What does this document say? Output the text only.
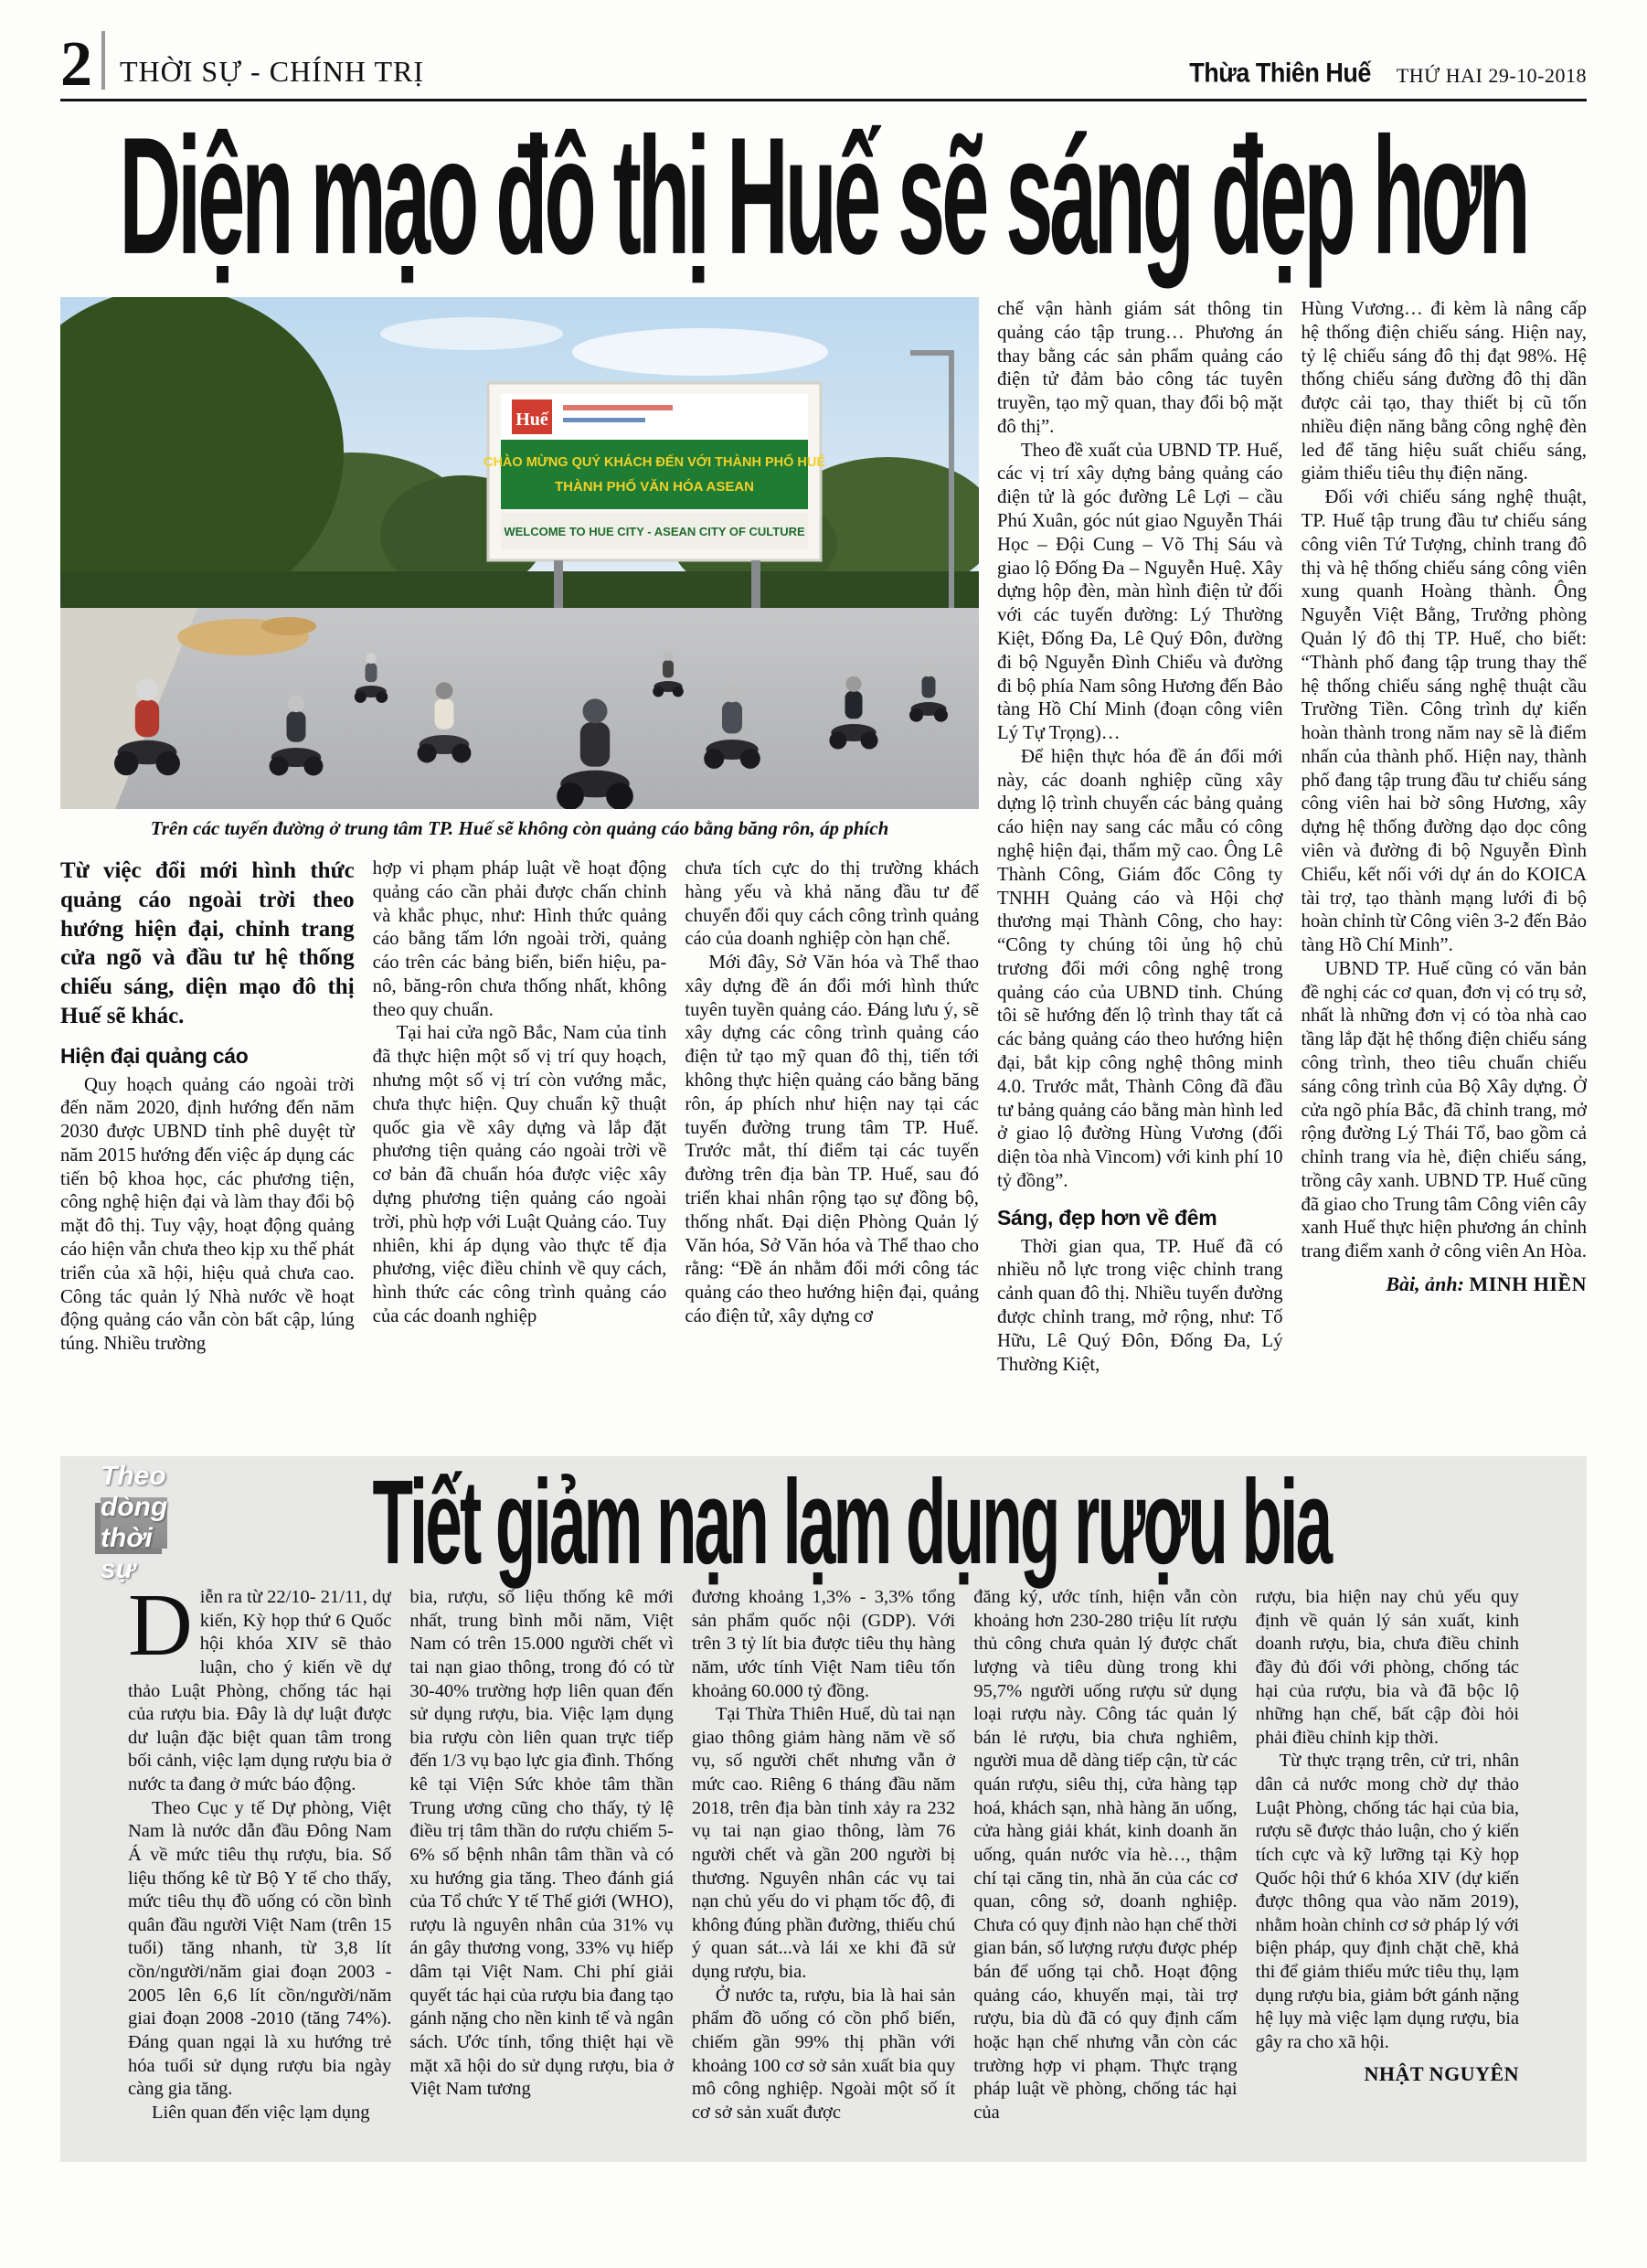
2 THỜI SỰ - CHÍNH TRỊ	Thừa Thiên Huế THỨ HAI 29-10-2018
Diện mạo đô thị Huế sẽ sáng đẹp hơn
Huế
CHÀO MỪNG QUÝ KHÁCH ĐẾN VỚI THÀNH PHỐ HUẾ
THÀNH PHỐ VĂN HÓA ASEAN
WELCOME TO HUE CITY - ASEAN CITY OF CULTURE
Trên các tuyến đường ở trung tâm TP. Huế sẽ không còn quảng cáo bằng băng rôn, áp phích

Từ việc đổi mới hình thức quảng cáo ngoài trời theo hướng hiện đại, chỉnh trang cửa ngõ và đầu tư hệ thống chiếu sáng, diện mạo đô thị Huế sẽ khác.

Hiện đại quảng cáo

Quy hoạch quảng cáo ngoài trời đến năm 2020, định hướng đến năm 2030 được UBND tỉnh phê duyệt từ năm 2015 hướng đến việc áp dụng các tiến bộ khoa học, các phương tiện, công nghệ hiện đại và làm thay đổi bộ mặt đô thị. Tuy vậy, hoạt động quảng cáo hiện vẫn chưa theo kịp xu thế phát triển của xã hội, hiệu quả chưa cao. Công tác quản lý Nhà nước về hoạt động quảng cáo vẫn còn bất cập, lúng túng. Nhiều trường

hợp vi phạm pháp luật về hoạt động quảng cáo cần phải được chấn chỉnh và khắc phục, như: Hình thức quảng cáo bằng tấm lớn ngoài trời, quảng cáo trên các bảng biển, biển hiệu, pa-nô, băng-rôn chưa thống nhất, không theo quy chuẩn.

Tại hai cửa ngõ Bắc, Nam của tỉnh đã thực hiện một số vị trí quy hoạch, nhưng một số vị trí còn vướng mắc, chưa thực hiện. Quy chuẩn kỹ thuật quốc gia về xây dựng và lắp đặt phương tiện quảng cáo ngoài trời về cơ bản đã chuẩn hóa được việc xây dựng phương tiện quảng cáo ngoài trời, phù hợp với Luật Quảng cáo. Tuy nhiên, khi áp dụng vào thực tế địa phương, việc điều chỉnh về quy cách, hình thức các công trình quảng cáo của các doanh nghiệp

chưa tích cực do thị trường khách hàng yếu và khả năng đầu tư để chuyển đổi quy cách công trình quảng cáo của doanh nghiệp còn hạn chế.

Mới đây, Sở Văn hóa và Thể thao xây dựng đề án đổi mới hình thức tuyên tuyền quảng cáo. Đáng lưu ý, sẽ xây dựng các công trình quảng cáo điện tử tạo mỹ quan đô thị, tiến tới không thực hiện quảng cáo bằng băng rôn, áp phích như hiện nay tại các tuyến đường trung tâm TP. Huế. Trước mắt, thí điểm tại các tuyến đường trên địa bàn TP. Huế, sau đó triển khai nhân rộng tạo sự đồng bộ, thống nhất. Đại diện Phòng Quản lý Văn hóa, Sở Văn hóa và Thể thao cho rằng: “Đề án nhằm đổi mới công tác quảng cáo theo hướng hiện đại, quảng cáo điện tử, xây dựng cơ

chế vận hành giám sát thông tin quảng cáo tập trung… Phương án thay bằng các sản phẩm quảng cáo điện tử đảm bảo công tác tuyên truyền, tạo mỹ quan, thay đổi bộ mặt đô thị”.

Theo đề xuất của UBND TP. Huế, các vị trí xây dựng bảng quảng cáo điện tử là góc đường Lê Lợi – cầu Phú Xuân, góc nút giao Nguyễn Thái Học – Đội Cung – Võ Thị Sáu và giao lộ Đống Đa – Nguyễn Huệ. Xây dựng hộp đèn, màn hình điện tử đối với các tuyến đường: Lý Thường Kiệt, Đống Đa, Lê Quý Đôn, đường đi bộ Nguyễn Đình Chiểu và đường đi bộ phía Nam sông Hương đến Bảo tàng Hồ Chí Minh (đoạn công viên Lý Tự Trọng)…

Để hiện thực hóa đề án đổi mới này, các doanh nghiệp cũng xây dựng lộ trình chuyển các bảng quảng cáo hiện nay sang các mẫu có công nghệ hiện đại, thẩm mỹ cao. Ông Lê Thành Công, Giám đốc Công ty TNHH Quảng cáo và Hội chợ thương mại Thành Công, cho hay: “Công ty chúng tôi ủng hộ chủ trương đổi mới công nghệ trong quảng cáo của UBND tỉnh. Chúng tôi sẽ hướng đến lộ trình thay tất cả các bảng quảng cáo theo hướng hiện đại, bắt kịp công nghệ thông minh 4.0. Trước mắt, Thành Công đã đầu tư bảng quảng cáo bằng màn hình led ở giao lộ đường Hùng Vương (đối diện tòa nhà Vincom) với kinh phí 10 tỷ đồng”.

Sáng, đẹp hơn về đêm

Thời gian qua, TP. Huế đã có nhiều nỗ lực trong việc chỉnh trang cảnh quan đô thị. Nhiều tuyến đường được chỉnh trang, mở rộng, như: Tố Hữu, Lê Quý Đôn, Đống Đa, Lý Thường Kiệt,

Hùng Vương… đi kèm là nâng cấp hệ thống điện chiếu sáng. Hiện nay, tỷ lệ chiếu sáng đô thị đạt 98%. Hệ thống chiếu sáng đường đô thị dần được cải tạo, thay thiết bị cũ tốn nhiều điện năng bằng công nghệ đèn led để tăng hiệu suất chiếu sáng, giảm thiểu tiêu thụ điện năng.

Đối với chiếu sáng nghệ thuật, TP. Huế tập trung đầu tư chiếu sáng công viên Tứ Tượng, chỉnh trang đô thị và hệ thống chiếu sáng công viên xung quanh Hoàng thành. Ông Nguyễn Việt Bằng, Trưởng phòng Quản lý đô thị TP. Huế, cho biết: “Thành phố đang tập trung thay thế hệ thống chiếu sáng nghệ thuật cầu Trường Tiền. Công trình dự kiến hoàn thành trong năm nay sẽ là điểm nhấn của thành phố. Hiện nay, thành phố đang tập trung đầu tư chiếu sáng công viên hai bờ sông Hương, xây dựng hệ thống đường dạo dọc công viên và đường đi bộ Nguyễn Đình Chiểu, kết nối với dự án do KOICA tài trợ, tạo thành mạng lưới đi bộ hoàn chỉnh từ Công viên 3-2 đến Bảo tàng Hồ Chí Minh”.

UBND TP. Huế cũng có văn bản đề nghị các cơ quan, đơn vị có trụ sở, nhất là những đơn vị có tòa nhà cao tầng lắp đặt hệ thống điện chiếu sáng công trình, theo tiêu chuẩn chiếu sáng công trình của Bộ Xây dựng. Ở cửa ngõ phía Bắc, đã chỉnh trang, mở rộng đường Lý Thái Tổ, bao gồm cả chỉnh trang vỉa hè, điện chiếu sáng, trồng cây xanh. UBND TP. Huế cũng đã giao cho Trung tâm Công viên cây xanh Huế thực hiện phương án chỉnh trang điểm xanh ở công viên An Hòa.

Bài, ảnh: MINH HIỀN

Theo dòng thời sự	Tiết giảm nạn lạm dụng rượu bia

Diễn ra từ 22/10- 21/11, dự kiến, Kỳ họp thứ 6 Quốc hội khóa XIV sẽ thảo luận, cho ý kiến về dự thảo Luật Phòng, chống tác hại của rượu bia. Đây là dự luật được dư luận đặc biệt quan tâm trong bối cảnh, việc lạm dụng rượu bia ở nước ta đang ở mức báo động.

Theo Cục y tế Dự phòng, Việt Nam là nước dẫn đầu Đông Nam Á về mức tiêu thụ rượu, bia. Số liệu thống kê từ Bộ Y tế cho thấy, mức tiêu thụ đồ uống có cồn bình quân đầu người Việt Nam (trên 15 tuổi) tăng nhanh, từ 3,8 lít cồn/người/năm giai đoạn 2003 - 2005 lên 6,6 lít cồn/người/năm giai đoạn 2008 -2010 (tăng 74%). Đáng quan ngại là xu hướng trẻ hóa tuổi sử dụng rượu bia ngày càng gia tăng.

Liên quan đến việc lạm dụng

bia, rượu, số liệu thống kê mới nhất, trung bình mỗi năm, Việt Nam có trên 15.000 người chết vì tai nạn giao thông, trong đó có từ 30-40% trường hợp liên quan đến sử dụng rượu, bia. Việc lạm dụng bia rượu còn liên quan trực tiếp đến 1/3 vụ bạo lực gia đình. Thống kê tại Viện Sức khỏe tâm thần Trung ương cũng cho thấy, tỷ lệ điều trị tâm thần do rượu chiếm 5-6% số bệnh nhân tâm thần và có xu hướng gia tăng. Theo đánh giá của Tổ chức Y tế Thế giới (WHO), rượu là nguyên nhân của 31% vụ án gây thương vong, 33% vụ hiếp dâm tại Việt Nam. Chi phí giải quyết tác hại của rượu bia đang tạo gánh nặng cho nền kinh tế và ngân sách. Ước tính, tổng thiệt hại về mặt xã hội do sử dụng rượu, bia ở Việt Nam tương

đương khoảng 1,3% - 3,3% tổng sản phẩm quốc nội (GDP). Với trên 3 tỷ lít bia được tiêu thụ hàng năm, ước tính Việt Nam tiêu tốn khoảng 60.000 tỷ đồng.

Tại Thừa Thiên Huế, dù tai nạn giao thông giảm hàng năm về số vụ, số người chết nhưng vẫn ở mức cao. Riêng 6 tháng đầu năm 2018, trên địa bàn tỉnh xảy ra 232 vụ tai nạn giao thông, làm 76 người chết và gần 200 người bị thương. Nguyên nhân các vụ tai nạn chủ yếu do vi phạm tốc độ, đi không đúng phần đường, thiếu chú ý quan sát...và lái xe khi đã sử dụng rượu, bia.

Ở nước ta, rượu, bia là hai sản phẩm đồ uống có cồn phổ biến, chiếm gần 99% thị phần với khoảng 100 cơ sở sản xuất bia quy mô công nghiệp. Ngoài một số ít cơ sở sản xuất được

đăng ký, ước tính, hiện vẫn còn khoảng hơn 230-280 triệu lít rượu thủ công chưa quản lý được chất lượng và tiêu dùng trong khi 95,7% người uống rượu sử dụng loại rượu này. Công tác quản lý bán lẻ rượu, bia chưa nghiêm, người mua dễ dàng tiếp cận, từ các quán rượu, siêu thị, cửa hàng tạp hoá, khách sạn, nhà hàng ăn uống, cửa hàng giải khát, kinh doanh ăn uống, quán nước vỉa hè…, thậm chí tại căng tin, nhà ăn của các cơ quan, công sở, doanh nghiệp. Chưa có quy định nào hạn chế thời gian bán, số lượng rượu được phép bán để uống tại chỗ. Hoạt động quảng cáo, khuyến mại, tài trợ rượu, bia dù đã có quy định cấm hoặc hạn chế nhưng vẫn còn các trường hợp vi phạm. Thực trạng pháp luật về phòng, chống tác hại của

rượu, bia hiện nay chủ yếu quy định về quản lý sản xuất, kinh doanh rượu, bia, chưa điều chỉnh đầy đủ đối với phòng, chống tác hại của rượu, bia và đã bộc lộ những hạn chế, bất cập đòi hỏi phải điều chỉnh kịp thời.

Từ thực trạng trên, cử tri, nhân dân cả nước mong chờ dự thảo Luật Phòng, chống tác hại của bia, rượu sẽ được thảo luận, cho ý kiến tích cực và kỹ lưỡng tại Kỳ họp Quốc hội thứ 6 khóa XIV (dự kiến được thông qua vào năm 2019), nhằm hoàn chỉnh cơ sở pháp lý với biện pháp, quy định chặt chẽ, khả thi để giảm thiểu mức tiêu thụ, lạm dụng rượu bia, giảm bớt gánh nặng hệ lụy mà việc lạm dụng rượu, bia gây ra cho xã hội.

NHẬT NGUYÊN
